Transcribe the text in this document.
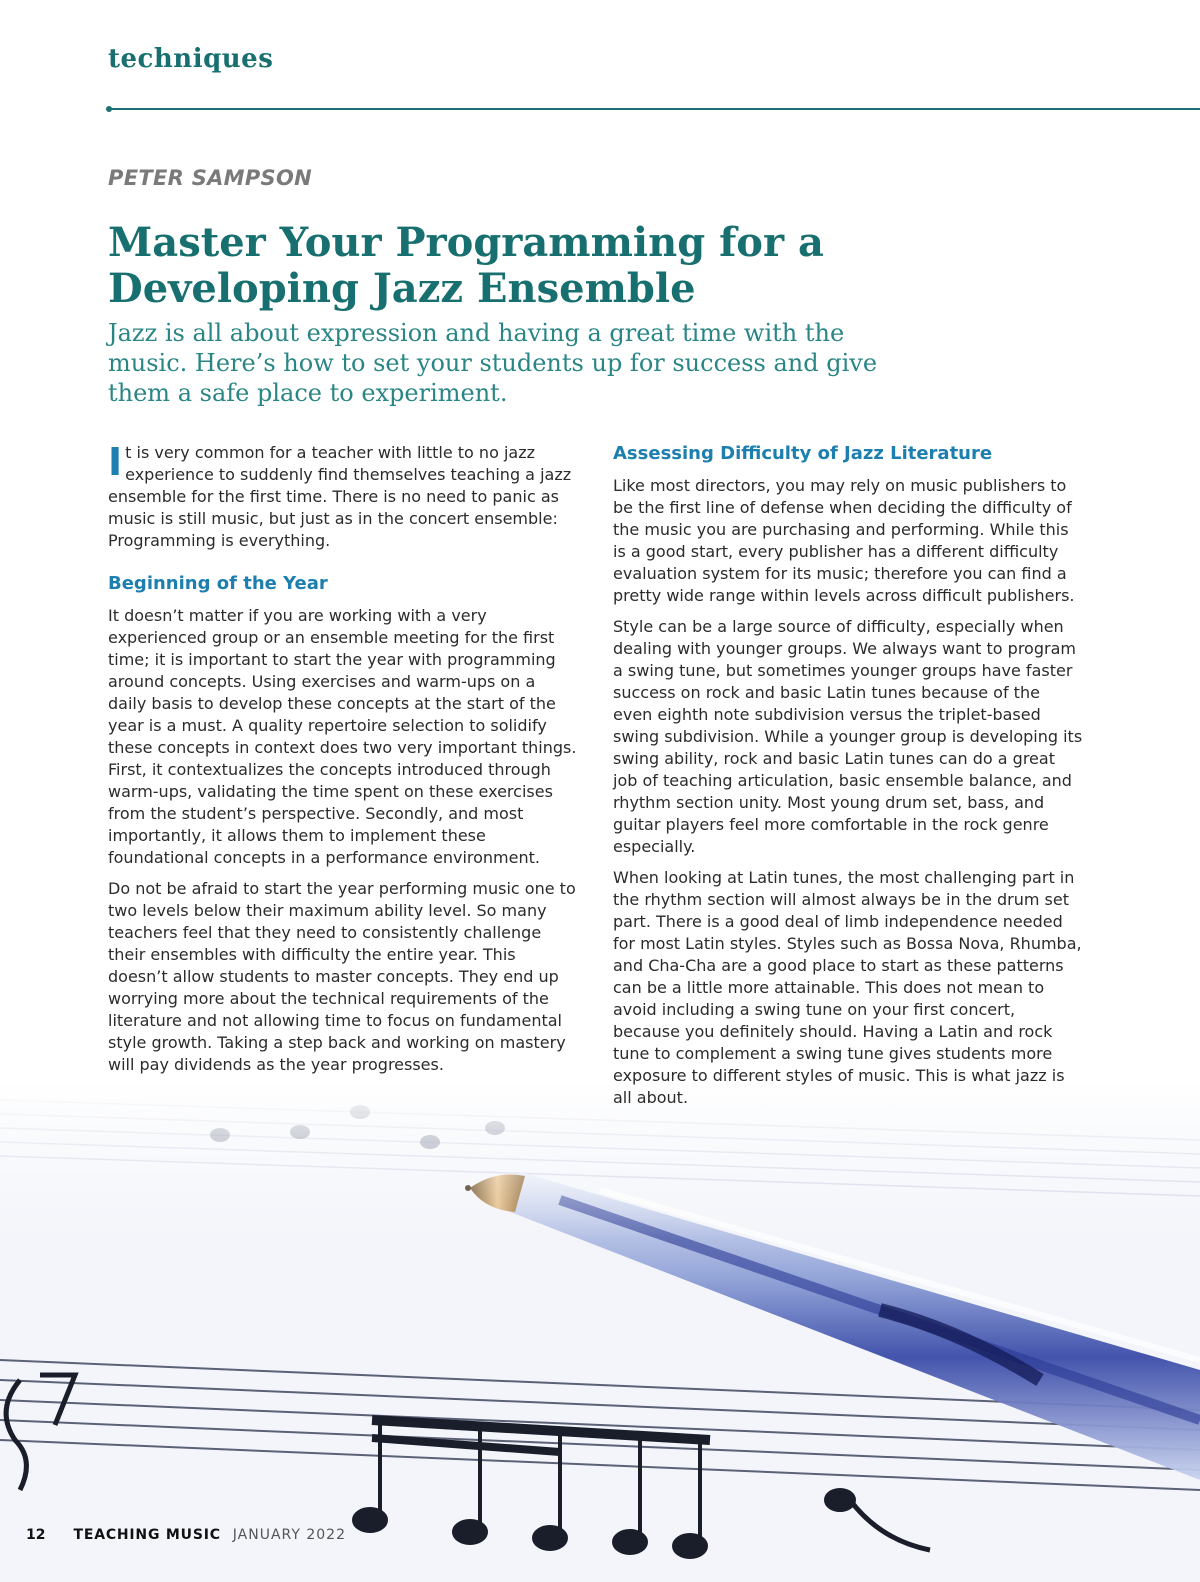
techniques
PETER SAMPSON
Master Your Programming for a
Developing Jazz Ensemble

Jazz is all about expression and having a great time with the music. Here’s how to set your students up for success and give them a safe place to experiment.

It is very common for a teacher with little to no jazz experience to suddenly find themselves teaching a jazz ensemble for the first time. There is no need to panic as music is still music, but just as in the concert ensemble: Programming is everything.

Beginning of the Year

It doesn’t matter if you are working with a very experienced group or an ensemble meeting for the first time; it is important to start the year with programming around concepts. Using exercises and warm-ups on a daily basis to develop these concepts at the start of the year is a must. A quality repertoire selection to solidify these concepts in context does two very important things. First, it contextualizes the concepts introduced through warm-ups, validating the time spent on these exercises from the student’s perspective. Secondly, and most importantly, it allows them to implement these foundational concepts in a performance environment.

Do not be afraid to start the year performing music one to two levels below their maximum ability level. So many teachers feel that they need to consistently challenge their ensembles with difficulty the entire year. This doesn’t allow students to master concepts. They end up worrying more about the technical requirements of the literature and not allowing time to focus on fundamental style growth. Taking a step back and working on mastery will pay dividends as the year progresses.

Assessing Difficulty of Jazz Literature

Like most directors, you may rely on music publishers to be the first line of defense when deciding the difficulty of the music you are purchasing and performing. While this is a good start, every publisher has a different difficulty evaluation system for its music; therefore you can find a pretty wide range within levels across difficult publishers.

Style can be a large source of difficulty, especially when dealing with younger groups. We always want to program a swing tune, but sometimes younger groups have faster success on rock and basic Latin tunes because of the even eighth note subdivision versus the triplet-based swing subdivision. While a younger group is developing its swing ability, rock and basic Latin tunes can do a great job of teaching articulation, basic ensemble balance, and rhythm section unity. Most young drum set, bass, and guitar players feel more comfortable in the rock genre especially.

When looking at Latin tunes, the most challenging part in the rhythm section will almost always be in the drum set part. There is a good deal of limb independence needed for most Latin styles. Styles such as Bossa Nova, Rhumba, and Cha-Cha are a good place to start as these patterns can be a little more attainable. This does not mean to avoid including a swing tune on your first concert, because you definitely should. Having a Latin and rock tune to complement a swing tune gives students more exposure to different styles of music. This is what jazz is all about.

12 TEACHING MUSIC JANUARY 2022
